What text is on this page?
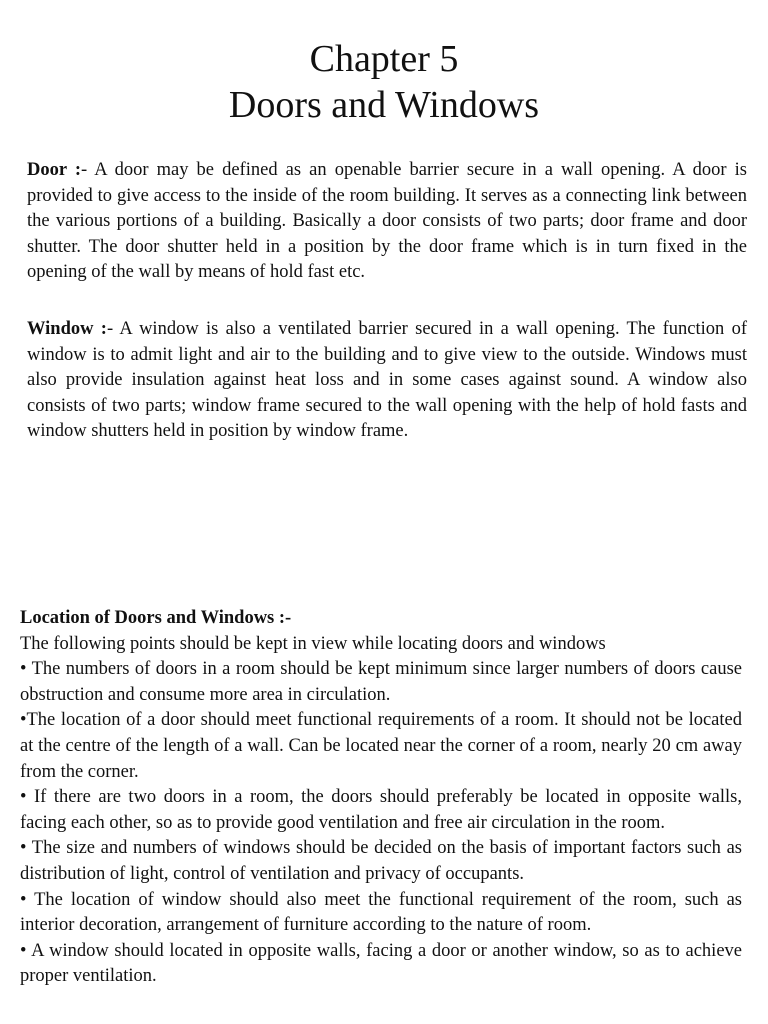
Chapter 5
Doors and Windows

Door :- A door may be defined as an openable barrier secure in a wall opening. A door is provided to give access to the inside of the room building. It serves as a connecting link between the various portions of a building. Basically a door consists of two parts; door frame and door shutter. The door shutter held in a position by the door frame which is in turn fixed in the opening of the wall by means of hold fast etc.

Window :- A window is also a ventilated barrier secured in a wall opening. The function of window is to admit light and air to the building and to give view to the outside. Windows must also provide insulation against heat loss and in some cases against sound. A window also consists of two parts; window frame secured to the wall opening with the help of hold fasts and window shutters held in position by window frame.

Location of Doors and Windows :-

The following points should be kept in view while locating doors and windows

• The numbers of doors in a room should be kept minimum since larger numbers of doors cause obstruction and consume more area in circulation.

•The location of a door should meet functional requirements of a room. It should not be located at the centre of the length of a wall. Can be located near the corner of a room, nearly 20 cm away from the corner.

• If there are two doors in a room, the doors should preferably be located in opposite walls, facing each other, so as to provide good ventilation and free air circulation in the room.

• The size and numbers of windows should be decided on the basis of important factors such as distribution of light, control of ventilation and privacy of occupants.

• The location of window should also meet the functional requirement of the room, such as interior decoration, arrangement of furniture according to the nature of room.

• A window should located in opposite walls, facing a door or another window, so as to achieve proper ventilation.
